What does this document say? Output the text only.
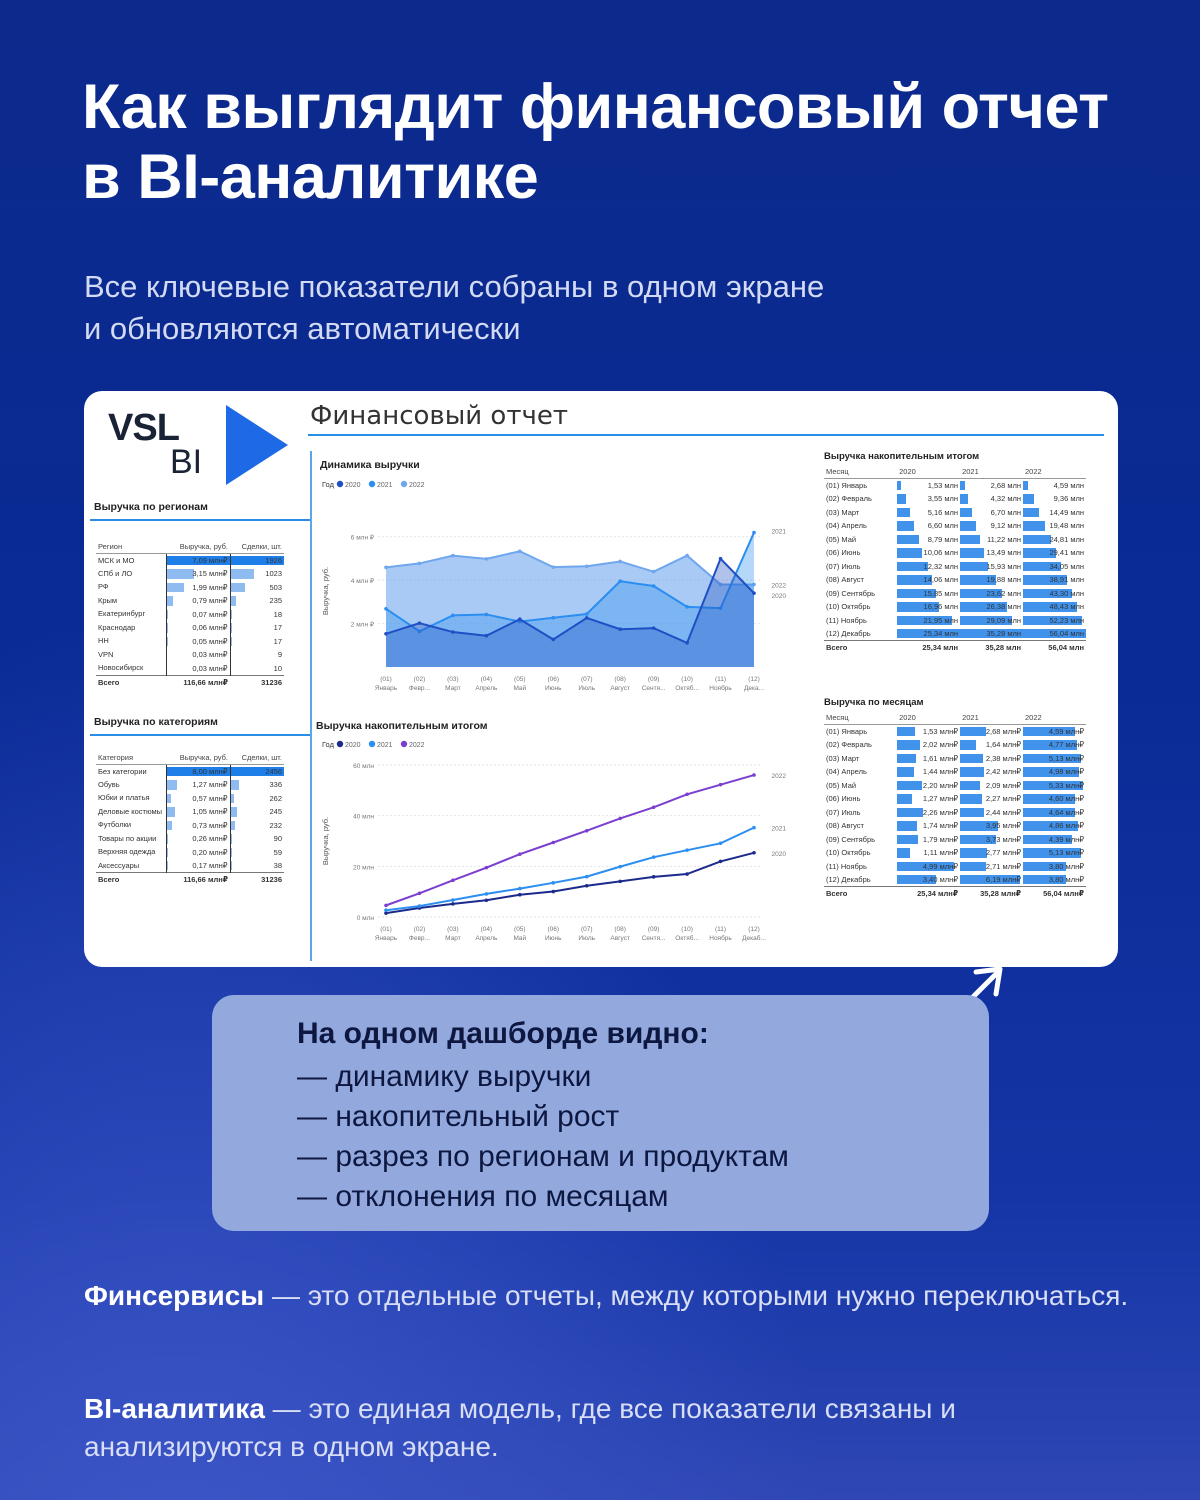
Как выглядит финансовый отчет
в BI-аналитике
Все ключевые показатели собраны в одном экране
и обновляются автоматически
VSL
BI
Финансовый отчет
Выручка по регионам
Регион	Выручка, руб.	Сделки, шт.
МСК и МО	7,09 млн₽	1926
СПб и ЛО	3,15 млн₽	1023
РФ	1,99 млн₽	503
Крым	0,79 млн₽	235
Екатеринбург	0,07 млн₽	18
Краснодар	0,06 млн₽	17
НН	0,05 млн₽	17
VPN	0,03 млн₽	9
Новосибирск	0,03 млн₽	10
Всего	116,66 млн₽	31236
Выручка по категориям
Категория	Выручка, руб.	Сделки, шт.
Без категории	8,00 млн₽	2456
Обувь	1,27 млн₽	336
Юбки и платья	0,57 млн₽	262
Деловые костюмы	1,05 млн₽	245
Футболки	0,73 млн₽	232
Товары по акции	0,26 млн₽	90
Верхняя одежда	0,20 млн₽	59
Аксессуары	0,17 млн₽	38
Всего	116,66 млн₽	31236
Динамика выручки
Год 2020 2021 2022
Выручка, руб.
2 млн ₽
4 млн ₽
6 млн ₽
(01)
Январь
(02)
Февр...
(03)
Март
(04)
Апрель
(05)
Май
(06)
Июнь
(07)
Июль
(08)
Август
(09)
Сентя...
(10)
Октяб...
(11)
Ноябрь
(12)
Дека...
2021
2022
2020
Выручка накопительным итогом
Год 2020 2021 2022
Выручка, руб.
0 млн
20 млн
40 млн
60 млн
(01)
Январь
(02)
Февр...
(03)
Март
(04)
Апрель
(05)
Май
(06)
Июнь
(07)
Июль
(08)
Август
(09)
Сентя...
(10)
Октяб...
(11)
Ноябрь
(12)
Декаб...
2022
2021
2020
Выручка накопительным итогом
Месяц	2020	2021	2022
(01) Январь	1,53 млн	2,68 млн	4,59 млн
(02) Февраль	3,55 млн	4,32 млн	9,36 млн
(03) Март	5,16 млн	6,70 млн	14,49 млн
(04) Апрель	6,60 млн	9,12 млн	19,48 млн
(05) Май	8,79 млн	11,22 млн	24,81 млн
(06) Июнь	10,06 млн	13,49 млн	29,41 млн
(07) Июль	12,32 млн	15,93 млн	34,05 млн
(08) Август	14,06 млн	19,88 млн	38,91 млн
(09) Сентябрь	15,85 млн	23,62 млн	43,30 млн
(10) Октябрь	16,96 млн	26,38 млн	48,43 млн
(11) Ноябрь	21,95 млн	29,09 млн	52,23 млн
(12) Декабрь	25,34 млн	35,28 млн	56,04 млн
Всего	25,34 млн	35,28 млн	56,04 млн
Выручка по месяцам
Месяц	2020	2021	2022
(01) Январь	1,53 млн₽	2,68 млн₽	4,59 млн₽
(02) Февраль	2,02 млн₽	1,64 млн₽	4,77 млн₽
(03) Март	1,61 млн₽	2,38 млн₽	5,13 млн₽
(04) Апрель	1,44 млн₽	2,42 млн₽	4,98 млн₽
(05) Май	2,20 млн₽	2,09 млн₽	5,33 млн₽
(06) Июнь	1,27 млн₽	2,27 млн₽	4,60 млн₽
(07) Июль	2,26 млн₽	2,44 млн₽	4,64 млн₽
(08) Август	1,74 млн₽	3,95 млн₽	4,86 млн₽
(09) Сентябрь	1,79 млн₽	3,73 млн₽	4,39 млн₽
(10) Октябрь	1,11 млн₽	2,77 млн₽	5,13 млн₽
(11) Ноябрь	4,99 млн₽	2,71 млн₽	3,80 млн₽
(12) Декабрь	3,40 млн₽	6,19 млн₽	3,80 млн₽
Всего	25,34 млн₽	35,28 млн₽	56,04 млн₽
На одном дашборде видно:
— динамику выручки
— накопительный рост
— разрез по регионам и продуктам
— отклонения по месяцам
Финсервисы — это отдельные отчеты, между которыми нужно переключаться.
BI-аналитика — это единая модель, где все показатели связаны и анализируются в одном экране.
